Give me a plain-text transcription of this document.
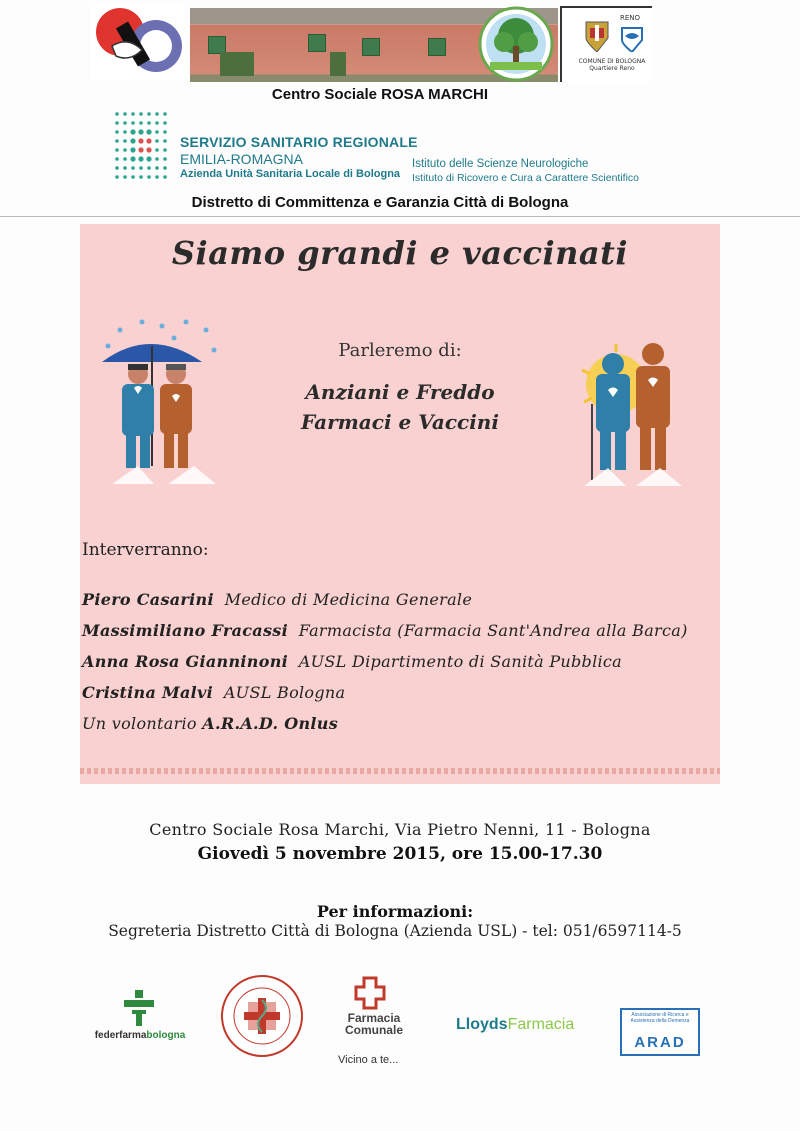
RENO
COMUNE DI BOLOGNA
Quartiere Reno
Centro Sociale ROSA MARCHI
SERVIZIO SANITARIO REGIONALE
EMILIA-ROMAGNA
Azienda Unità Sanitaria Locale di Bologna
Istituto delle Scienze Neurologiche
Istituto di Ricovero e Cura a Carattere Scientifico
Distretto di Committenza e Garanzia Città di Bologna
Siamo grandi e vaccinati
Parleremo di:
Anziani e Freddo
Farmaci e Vaccini
Interverranno:
Piero Casarini Medico di Medicina Generale
Massimiliano Fracassi Farmacista (Farmacia Sant'Andrea alla Barca)
Anna Rosa Gianninoni AUSL Dipartimento di Sanità Pubblica
Cristina Malvi AUSL Bologna
Un volontario A.R.A.D. Onlus
Centro Sociale Rosa Marchi, Via Pietro Nenni, 11 - Bologna
Giovedì 5 novembre 2015, ore 15.00-17.30
Per informazioni:
Segreteria Distretto Città di Bologna (Azienda USL) - tel: 051/6597114-5
federfarmabologna
Farmacia Comunale
Vicino a te...
LloydsFarmacia
Associazione di Ricerca e Assistenza della Demenza
ARAD
